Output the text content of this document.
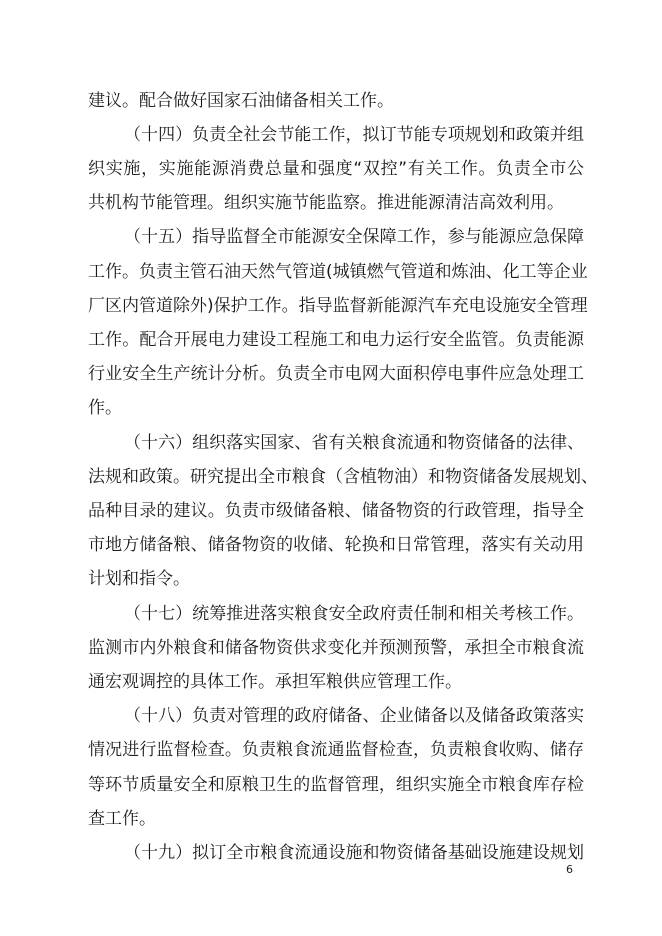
建议。配合做好国家石油储备相关工作。
（十四）负责全社会节能工作，拟订节能专项规划和政策并组
织实施，实施能源消费总量和强度“双控”有关工作。负责全市公
共机构节能管理。组织实施节能监察。推进能源清洁高效利用。
（十五）指导监督全市能源安全保障工作，参与能源应急保障
工作。负责主管石油天然气管道(城镇燃气管道和炼油、化工等企业
厂区内管道除外)保护工作。指导监督新能源汽车充电设施安全管理
工作。配合开展电力建设工程施工和电力运行安全监管。负责能源
行业安全生产统计分析。负责全市电网大面积停电事件应急处理工
作。
（十六）组织落实国家、省有关粮食流通和物资储备的法律、
法规和政策。研究提出全市粮食（含植物油）和物资储备发展规划、
品种目录的建议。负责市级储备粮、储备物资的行政管理，指导全
市地方储备粮、储备物资的收储、轮换和日常管理，落实有关动用
计划和指令。
（十七）统筹推进落实粮食安全政府责任制和相关考核工作。
监测市内外粮食和储备物资供求变化并预测预警，承担全市粮食流
通宏观调控的具体工作。承担军粮供应管理工作。
（十八）负责对管理的政府储备、企业储备以及储备政策落实
情况进行监督检查。负责粮食流通监督检查，负责粮食收购、储存
等环节质量安全和原粮卫生的监督管理，组织实施全市粮食库存检
查工作。
（十九）拟订全市粮食流通设施和物资储备基础设施建设规划
6
